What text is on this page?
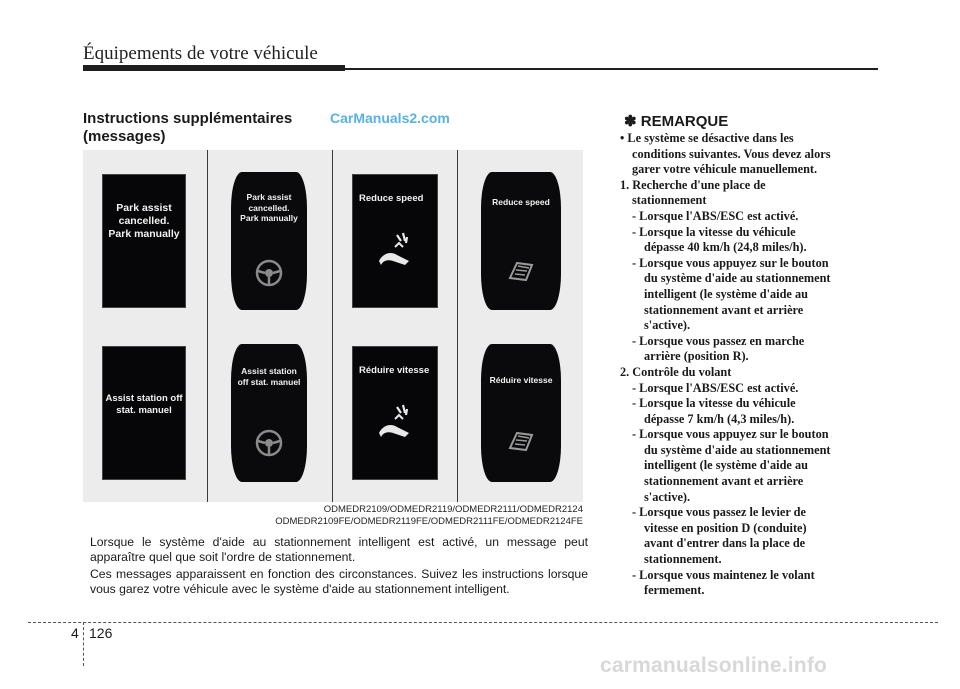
Équipements de votre véhicule
Instructions supplémentaires
(messages)
CarManuals2.com
Park assist
cancelled.
Park manually
Park assist
cancelled.
Park manually
Reduce speed	Reduce speed
Assist station off
stat. manuel
Assist station
off stat. manuel
Réduire vitesse
Réduire vitesse
ODMEDR2109/ODMEDR2119/ODMEDR2111/ODMEDR2124
ODMEDR2109FE/ODMEDR2119FE/ODMEDR2111FE/ODMEDR2124FE
Lorsque le système d'aide au stationnement intelligent est activé, un message peut apparaître quel que soit l'ordre de stationnement.
Ces messages apparaissent en fonction des circonstances. Suivez les instructions lorsque vous garez votre véhicule avec le système d'aide au stationnement intelligent.
✽ REMARQUE
• Le système se désactive dans les
conditions suivantes. Vous devez alors
garer votre véhicule manuellement.
1. Recherche d'une place de
stationnement
- Lorsque l'ABS/ESC est activé.
- Lorsque la vitesse du véhicule
dépasse 40 km/h (24,8 miles/h).
- Lorsque vous appuyez sur le bouton
du système d'aide au stationnement
intelligent (le système d'aide au
stationnement avant et arrière
s'active).
- Lorsque vous passez en marche
arrière (position R).
2. Contrôle du volant
- Lorsque l'ABS/ESC est activé.
- Lorsque la vitesse du véhicule
dépasse 7 km/h (4,3 miles/h).
- Lorsque vous appuyez sur le bouton
du système d'aide au stationnement
intelligent (le système d'aide au
stationnement avant et arrière
s'active).
- Lorsque vous passez le levier de
vitesse en position D (conduite)
avant d'entrer dans la place de
stationnement.
- Lorsque vous maintenez le volant
fermement.
4 126
carmanualsonline.info
